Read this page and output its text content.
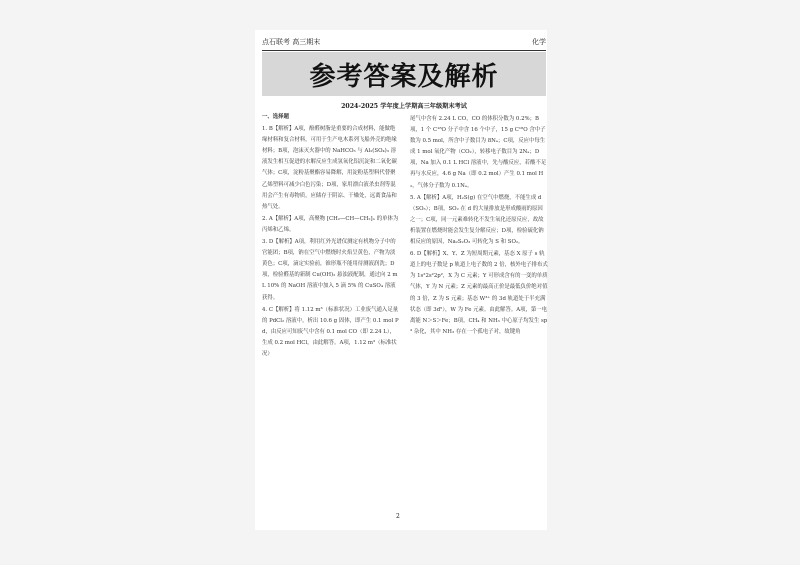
点石联考 高三期末	化学
参考答案及解析
2024-2025 学年度上学期高三年级期末考试

一、选择题

1. B【解析】A项，酚醛树脂是重要的合成材料，能做绝缘材料和复合材料，可用于生产电木系列飞船外壳的绝缘材料；B项，泡沫灭火器中的 NaHCO₃ 与 Al₂(SO₄)₃ 溶液发生相互促进的水解反应生成氢氧化铝沉淀和二氧化碳气体；C项，淀粉基聚酯容易降解，用淀粉基塑料代替聚乙烯塑料可减少白色污染；D项，家用漂白液杀虫剂等混用会产生有毒物质，应储存于阴凉、干燥处，远离食品和热气处。

2. A【解析】A项，高聚物 [CH₂—CH—CH₂]ₙ 的单体为丙烯和乙烯。

3. D【解析】A项，利用红外光谱仪测定有机物分子中的官能团；B项，钠在空气中燃烧时火焰呈黄色，产物为淡黄色；C项，滴定实验前，锥形瓶不能用待测液润洗；D项，检验醛基的新制 Cu(OH)₂ 悬浊液配制，通过向 2 mL 10% 的 NaOH 溶液中加入 5 滴 5% 的 CuSO₄ 溶液获得。

4. C【解析】将 1.12 m³（标准状况）工业废气通入足量的 PdCl₂ 溶液中，析出 10.6 g 固体，即产生 0.1 mol Pd，由反应可知废气中含有 0.1 mol CO（即 2.24 L），生成 0.2 mol HCl，由此解答。A项，1.12 m³（标准状况）

尾气中含有 2.24 L CO，CO 的体积分数为 0.2%；B项，1 个 C¹⁸O 分子中含 16 个中子，15 g C¹⁸O 含中子数为 0.5 mol，所含中子数目为 8Nₐ；C项，反应中每生成 1 mol 氧化产物（CO₂），转移电子数目为 2Nₐ；D项，Na 加入 0.1 L HCl 溶液中，先与酸反应，若酸不足再与水反应，4.6 g Na（即 0.2 mol）产生 0.1 mol H₂，气体分子数为 0.1Nₐ。

5. A【解析】A项，H₂S(g) 在空气中燃烧，不能生成 d（SO₃）；B项，SO₂ 在 d 的大量排放是形成酸雨的原因之一；C项，同一元素难转化不发生氧化还原反应，故故析装置在燃烧时能会发生复分解反应；D项，检验硫化钠相反应的原因，Na₂S₂O₃ 可转化为 S 和 SO₂。

6. D【解析】X、Y、Z 为短周期元素，基态 X 原子 s 轨道上的电子数是 p 轨道上电子数的 2 倍，核外电子排布式为 1s²2s²2p²，X 为 C 元素；Y 可形成含有的一变的单质气体，Y 为 N 元素；Z 元素的最高正价是最低负价绝对值的 3 倍，Z 为 S 元素；基态 W³⁺ 的 3d 轨道处于半充满状态（即 3d⁵），W 为 Fe 元素。由此解答。A项，第一电离能 N＞S＞Fe；B项，CH₄ 和 NH₃ 中心原子均发生 sp³ 杂化，其中 NH₃ 存在一个孤电子对，故键角

2
